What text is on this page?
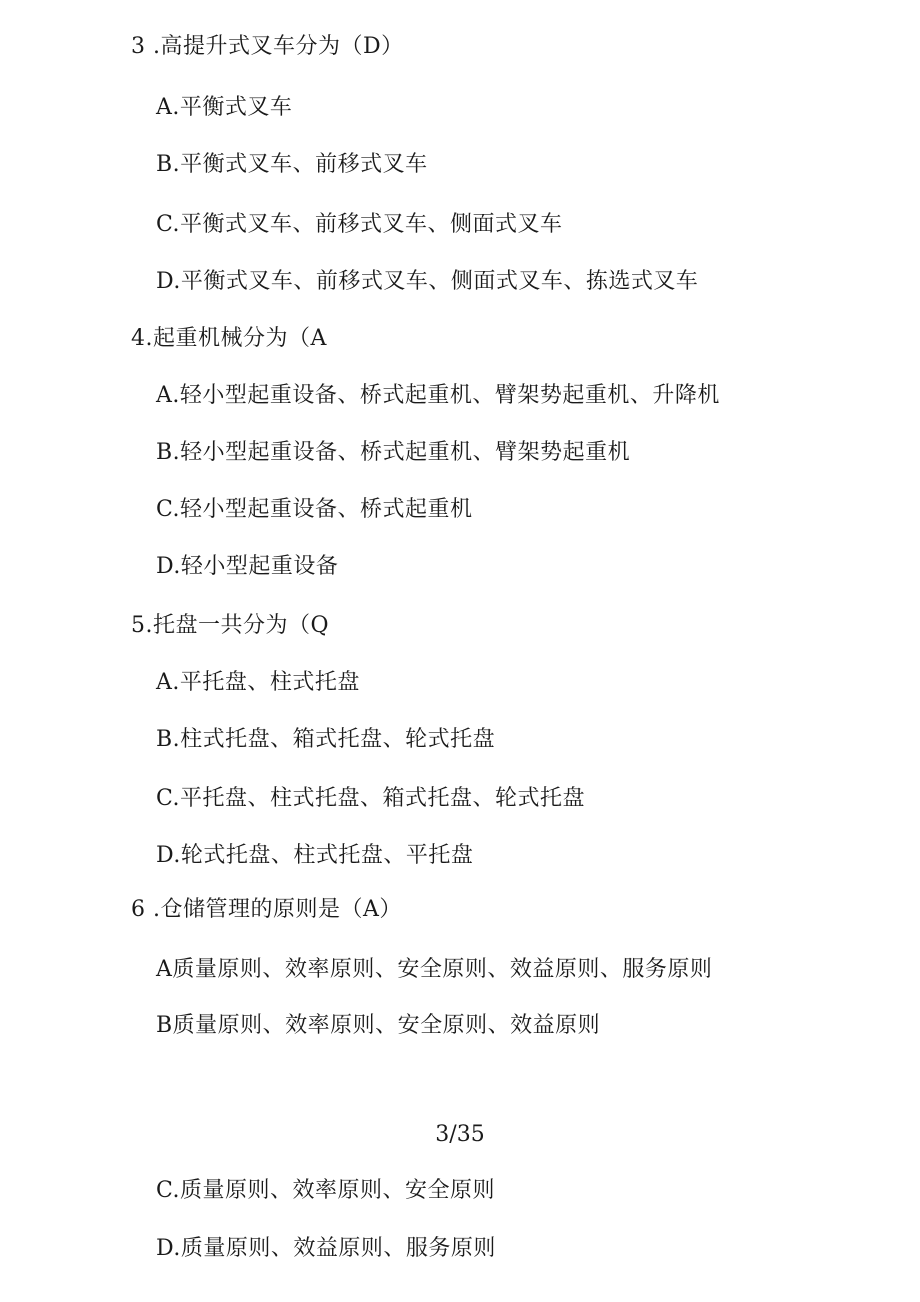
3 .高提升式叉车分为（D）
A.平衡式叉车
B.平衡式叉车、前移式叉车
C.平衡式叉车、前移式叉车、侧面式叉车
D.平衡式叉车、前移式叉车、侧面式叉车、拣选式叉车
4.起重机械分为（A
A.轻小型起重设备、桥式起重机、臂架势起重机、升降机
B.轻小型起重设备、桥式起重机、臂架势起重机
C.轻小型起重设备、桥式起重机
D.轻小型起重设备
5.托盘一共分为（Q
A.平托盘、柱式托盘
B.柱式托盘、箱式托盘、轮式托盘
C.平托盘、柱式托盘、箱式托盘、轮式托盘
D.轮式托盘、柱式托盘、平托盘
6 .仓储管理的原则是（A）
A质量原则、效率原则、安全原则、效益原则、服务原则
B质量原则、效率原则、安全原则、效益原则
3/35
C.质量原则、效率原则、安全原则
D.质量原则、效益原则、服务原则
